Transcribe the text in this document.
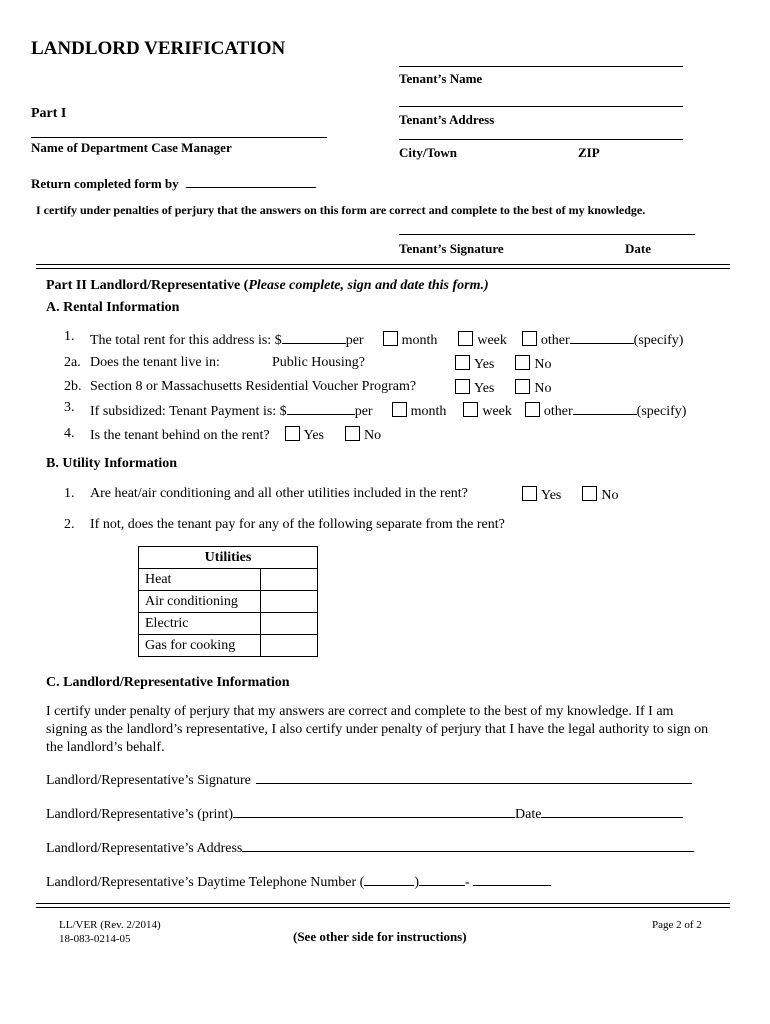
LANDLORD VERIFICATION
Tenant’s Name
Part I	Tenant’s Address
Name of Department Case Manager	City/Town	ZIP
Return completed form by
I certify under penalties of perjury that the answers on this form are correct and complete to the best of my knowledge.
Tenant’s Signature	Date
Part II Landlord/Representative (Please complete, sign and date this form.)
A. Rental Information
1. The total rent for this address is: $	per	month	week other	(specify)
2a. Does the tenant live in:	Public Housing?	Yes	No
2b. Section 8 or Massachusetts Residential Voucher Program?	Yes	No
3. If subsidized: Tenant Payment is: $	per	month	week other	(specify)
4. Is the tenant behind on the rent? Yes	No
B. Utility Information
1. Are heat/air conditioning and all other utilities included in the rent?	Yes	No
2. If not, does the tenant pay for any of the following separate from the rent?
Utilities	
Heat	
Air conditioning	
Electric	
Gas for cooking	
C. Landlord/Representative Information
I certify under penalty of perjury that my answers are correct and complete to the best of my knowledge. If I am signing as the landlord’s representative, I also certify under penalty of perjury that I have the legal authority to sign on the landlord’s behalf.
Landlord/Representative’s Signature
Landlord/Representative’s (print)	Date
Landlord/Representative’s Address
Landlord/Representative’s Daytime Telephone Number (	)	-
LL/VER (Rev. 2/2014)
18-083-0214-05	(See other side for instructions)
Page 2 of 2
